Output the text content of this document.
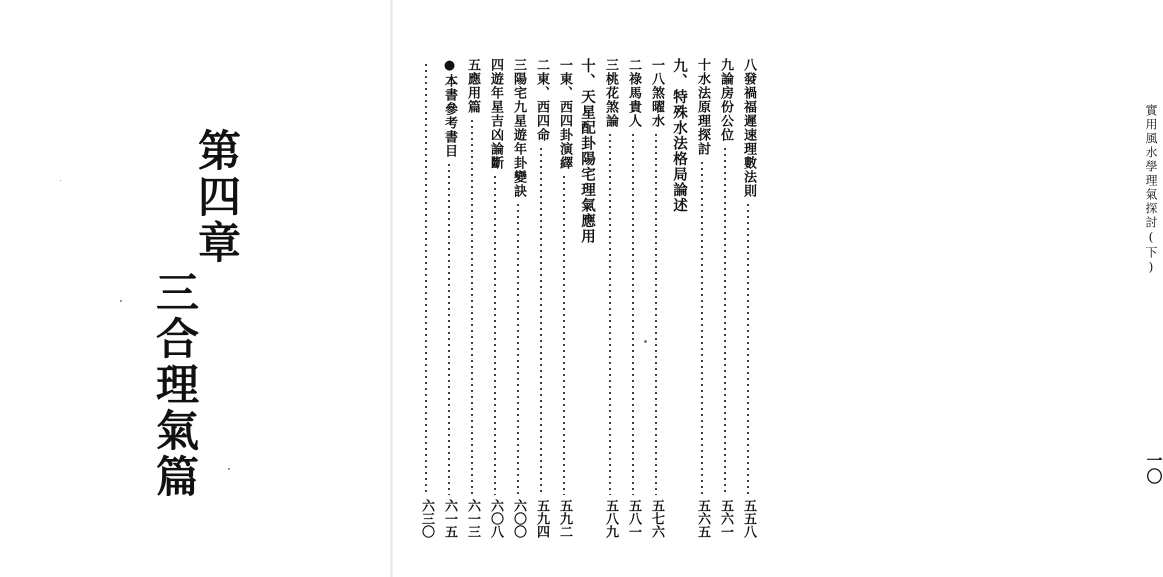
第四章
三合理氣篇
實用風水學理氣探討(下)
一〇
八發禍福遲速理數法則
五五八
九論房份公位
五六一
十水法原理探討
五六五
九、特殊水法格局論述
一八煞曜水
五七六
二祿馬貴人
五八一
三桃花煞論
五八九
十、天星配卦陽宅理氣應用
一東、西四卦演繹
五九二
二東、西四命
五九四
三陽宅九星遊年卦變訣
六〇〇
四遊年星吉凶論斷
六〇八
五應用篇
六一三
●本書參考書目
六一五
六三〇
